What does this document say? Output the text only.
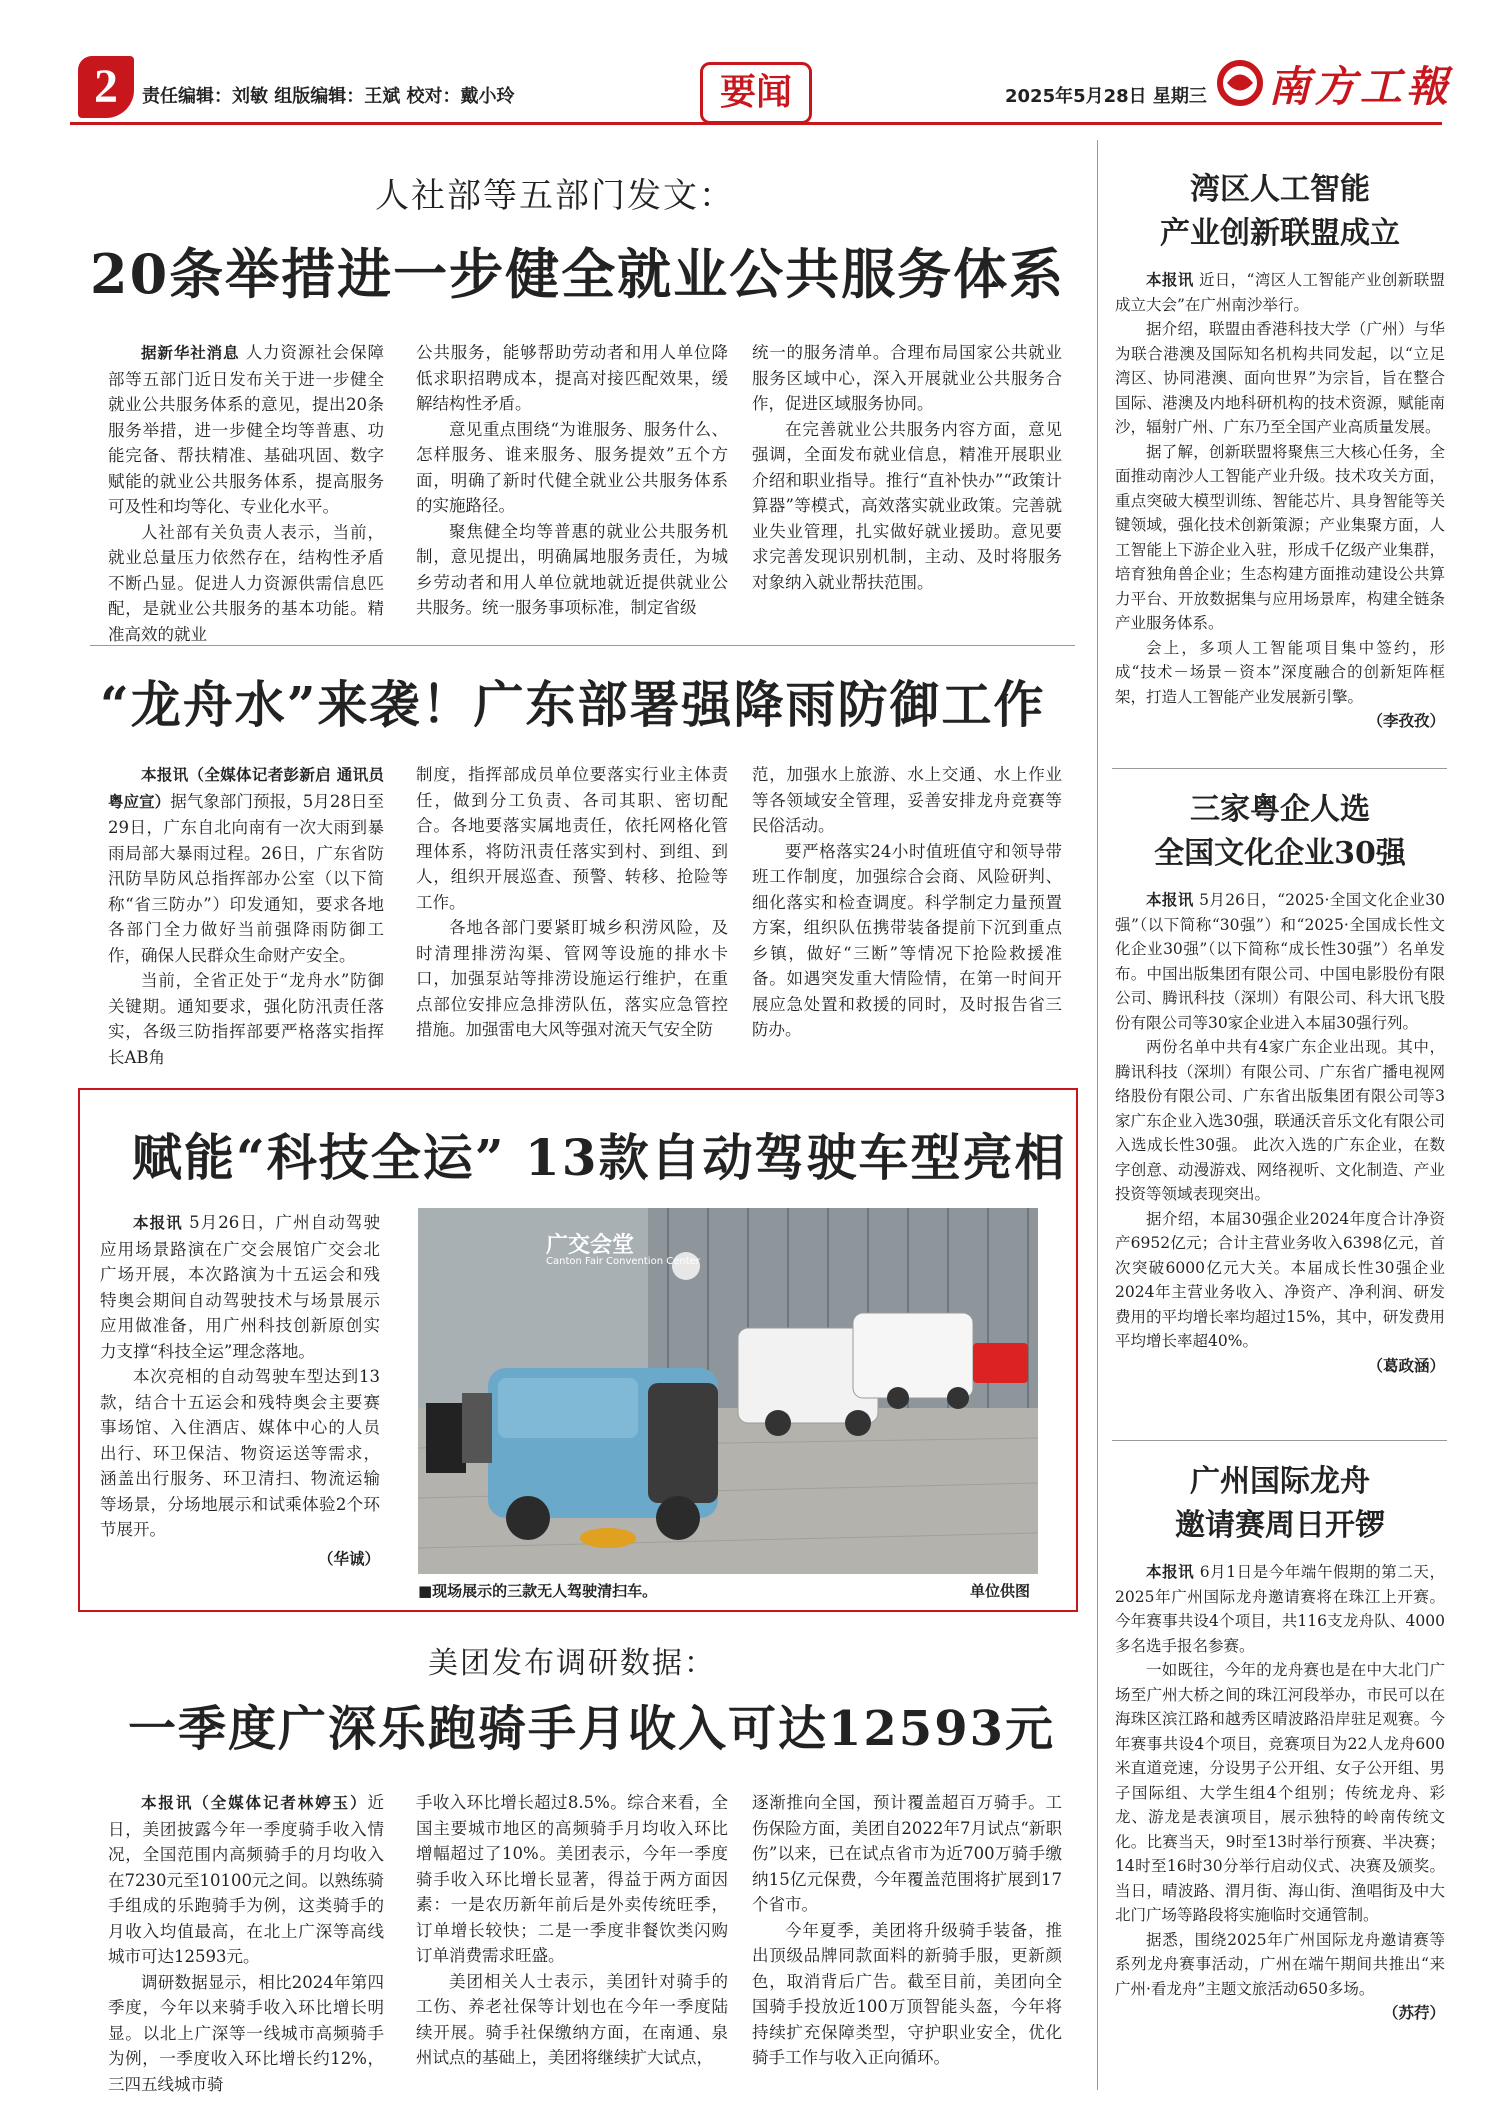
2	责任编辑：刘敏 组版编辑：王斌 校对：戴小玲	要闻	2025年5月28日 星期三 南方工報
人社部等五部门发文：
20条举措进一步健全就业公共服务体系

据新华社消息 人力资源社会保障部等五部门近日发布关于进一步健全就业公共服务体系的意见，提出20条服务举措，进一步健全均等普惠、功能完备、帮扶精准、基础巩固、数字赋能的就业公共服务体系，提高服务可及性和均等化、专业化水平。

人社部有关负责人表示，当前，就业总量压力依然存在，结构性矛盾不断凸显。促进人力资源供需信息匹配，是就业公共服务的基本功能。精准高效的就业

公共服务，能够帮助劳动者和用人单位降低求职招聘成本，提高对接匹配效果，缓解结构性矛盾。

意见重点围绕“为谁服务、服务什么、怎样服务、谁来服务、服务提效”五个方面，明确了新时代健全就业公共服务体系的实施路径。

聚焦健全均等普惠的就业公共服务机制，意见提出，明确属地服务责任，为城乡劳动者和用人单位就地就近提供就业公共服务。统一服务事项标准，制定省级

统一的服务清单。合理布局国家公共就业服务区域中心，深入开展就业公共服务合作，促进区域服务协同。

在完善就业公共服务内容方面，意见强调，全面发布就业信息，精准开展职业介绍和职业指导。推行“直补快办”“政策计算器”等模式，高效落实就业政策。完善就业失业管理，扎实做好就业援助。意见要求完善发现识别机制，主动、及时将服务对象纳入就业帮扶范围。

“龙舟水”来袭！广东部署强降雨防御工作

本报讯（全媒体记者彭新启 通讯员粤应宣）据气象部门预报，5月28日至29日，广东自北向南有一次大雨到暴雨局部大暴雨过程。26日，广东省防汛防旱防风总指挥部办公室（以下简称“省三防办”）印发通知，要求各地各部门全力做好当前强降雨防御工作，确保人民群众生命财产安全。

当前，全省正处于“龙舟水”防御关键期。通知要求，强化防汛责任落实，各级三防指挥部要严格落实指挥长AB角

制度，指挥部成员单位要落实行业主体责任，做到分工负责、各司其职、密切配合。各地要落实属地责任，依托网格化管理体系，将防汛责任落实到村、到组、到人，组织开展巡查、预警、转移、抢险等工作。

各地各部门要紧盯城乡积涝风险，及时清理排涝沟渠、管网等设施的排水卡口，加强泵站等排涝设施运行维护，在重点部位安排应急排涝队伍，落实应急管控措施。加强雷电大风等强对流天气安全防

范，加强水上旅游、水上交通、水上作业等各领域安全管理，妥善安排龙舟竞赛等民俗活动。

要严格落实24小时值班值守和领导带班工作制度，加强综合会商、风险研判、细化落实和检查调度。科学制定力量预置方案，组织队伍携带装备提前下沉到重点乡镇，做好“三断”等情况下抢险救援准备。如遇突发重大情险情，在第一时间开展应急处置和救援的同时，及时报告省三防办。

赋能“科技全运” 13款自动驾驶车型亮相

本报讯 5月26日，广州自动驾驶应用场景路演在广交会展馆广交会北广场开展，本次路演为十五运会和残特奥会期间自动驾驶技术与场景展示应用做准备，用广州科技创新原创实力支撑“科技全运”理念落地。

本次亮相的自动驾驶车型达到13款，结合十五运会和残特奥会主要赛事场馆、入住酒店、媒体中心的人员出行、环卫保洁、物资运送等需求，涵盖出行服务、环卫清扫、物流运输等场景，分场地展示和试乘体验2个环节展开。

（华诚）
广交会堂
Canton Fair Convention Center
■现场展示的三款无人驾驶清扫车。	单位供图
美团发布调研数据：
一季度广深乐跑骑手月收入可达12593元

本报讯（全媒体记者林婷玉）近日，美团披露今年一季度骑手收入情况，全国范围内高频骑手的月均收入在7230元至10100元之间。以熟练骑手组成的乐跑骑手为例，这类骑手的月收入均值最高，在北上广深等高线城市可达12593元。

调研数据显示，相比2024年第四季度，今年以来骑手收入环比增长明显。以北上广深等一线城市高频骑手为例，一季度收入环比增长约12%，三四五线城市骑

手收入环比增长超过8.5%。综合来看，全国主要城市地区的高频骑手月均收入环比增幅超过了10%。美团表示，今年一季度骑手收入环比增长显著，得益于两方面因素：一是农历新年前后是外卖传统旺季，订单增长较快；二是一季度非餐饮类闪购订单消费需求旺盛。

美团相关人士表示，美团针对骑手的工伤、养老社保等计划也在今年一季度陆续开展。骑手社保缴纳方面，在南通、泉州试点的基础上，美团将继续扩大试点，

逐渐推向全国，预计覆盖超百万骑手。工伤保险方面，美团自2022年7月试点“新职伤”以来，已在试点省市为近700万骑手缴纳15亿元保费，今年覆盖范围将扩展到17个省市。

今年夏季，美团将升级骑手装备，推出顶级品牌同款面料的新骑手服，更新颜色，取消背后广告。截至目前，美团向全国骑手投放近100万顶智能头盔，今年将持续扩充保障类型，守护职业安全，优化骑手工作与收入正向循环。

湾区人工智能
产业创新联盟成立

本报讯 近日，“湾区人工智能产业创新联盟成立大会”在广州南沙举行。

据介绍，联盟由香港科技大学（广州）与华为联合港澳及国际知名机构共同发起，以“立足湾区、协同港澳、面向世界”为宗旨，旨在整合国际、港澳及内地科研机构的技术资源，赋能南沙，辐射广州、广东乃至全国产业高质量发展。

据了解，创新联盟将聚焦三大核心任务，全面推动南沙人工智能产业升级。技术攻关方面，重点突破大模型训练、智能芯片、具身智能等关键领域，强化技术创新策源；产业集聚方面，人工智能上下游企业入驻，形成千亿级产业集群，培育独角兽企业；生态构建方面推动建设公共算力平台、开放数据集与应用场景库，构建全链条产业服务体系。

会上，多项人工智能项目集中签约，形成“技术－场景－资本”深度融合的创新矩阵框架，打造人工智能产业发展新引擎。

（李孜孜）
三家粤企人选
全国文化企业30强

本报讯 5月26日，“2025·全国文化企业30强”（以下简称“30强”）和“2025·全国成长性文化企业30强”（以下简称“成长性30强”）名单发布。中国出版集团有限公司、中国电影股份有限公司、腾讯科技（深圳）有限公司、科大讯飞股份有限公司等30家企业进入本届30强行列。

两份名单中共有4家广东企业出现。其中，腾讯科技（深圳）有限公司、广东省广播电视网络股份有限公司、广东省出版集团有限公司等3家广东企业入选30强，联通沃音乐文化有限公司入选成长性30强。 此次入选的广东企业，在数字创意、动漫游戏、网络视听、文化制造、产业投资等领域表现突出。

据介绍，本届30强企业2024年度合计净资产6952亿元；合计主营业务收入6398亿元，首次突破6000亿元大关。本届成长性30强企业2024年主营业务收入、净资产、净利润、研发费用的平均增长率均超过15%，其中，研发费用平均增长率超40%。

（葛政涵）
广州国际龙舟
邀请赛周日开锣

本报讯 6月1日是今年端午假期的第二天，2025年广州国际龙舟邀请赛将在珠江上开赛。今年赛事共设4个项目，共116支龙舟队、4000多名选手报名参赛。

一如既往，今年的龙舟赛也是在中大北门广场至广州大桥之间的珠江河段举办，市民可以在海珠区滨江路和越秀区晴波路沿岸驻足观赛。今年赛事共设4个项目，竞赛项目为22人龙舟600米直道竞速，分设男子公开组、女子公开组、男子国际组、大学生组4个组别；传统龙舟、彩龙、游龙是表演项目，展示独特的岭南传统文化。比赛当天，9时至13时举行预赛、半决赛；14时至16时30分举行启动仪式、决赛及颁奖。当日，晴波路、渭月街、海山街、渔唱街及中大北门广场等路段将实施临时交通管制。

据悉，围绕2025年广州国际龙舟邀请赛等系列龙舟赛事活动，广州在端午期间共推出“来广州·看龙舟”主题文旅活动650多场。

（苏荇）
